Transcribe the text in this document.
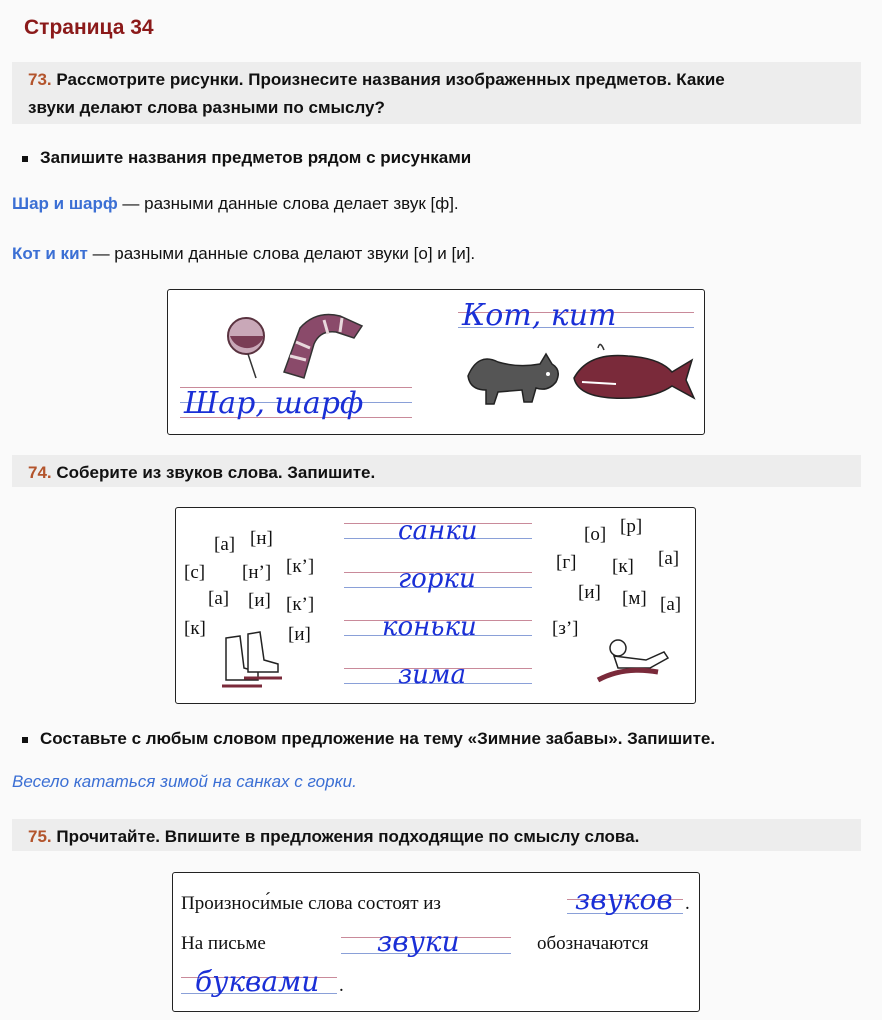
Страница 34
73. Рассмотрите рисунки. Произнесите названия изображенных предметов. Какие
звуки делают слова разными по смыслу?
Запишите названия предметов рядом с рисунками
Шар и шарф — разными данные слова делает звук [ф].
Кот и кит — разными данные слова делают звуки [о] и [и].
Шар, шарф
Кот, кит
74. Соберите из звуков слова. Запишите.
[а] [н]
[с] [н’] [к’]
[а] [и] [к’]
[к]	[и]
санки
горки
коньки
зима
[о] [р]
[г] [к] [а]
[и] [м] [а]
[з’]
Составьте с любым словом предложение на тему «Зимние забавы». Запишите.
Весело кататься зимой на санках с горки.
75. Прочитайте. Впишите в предложения подходящие по смыслу слова.
Произноси́мые слова состоят из	звуков .
На письме	звуки	обозначаются
буквами .
